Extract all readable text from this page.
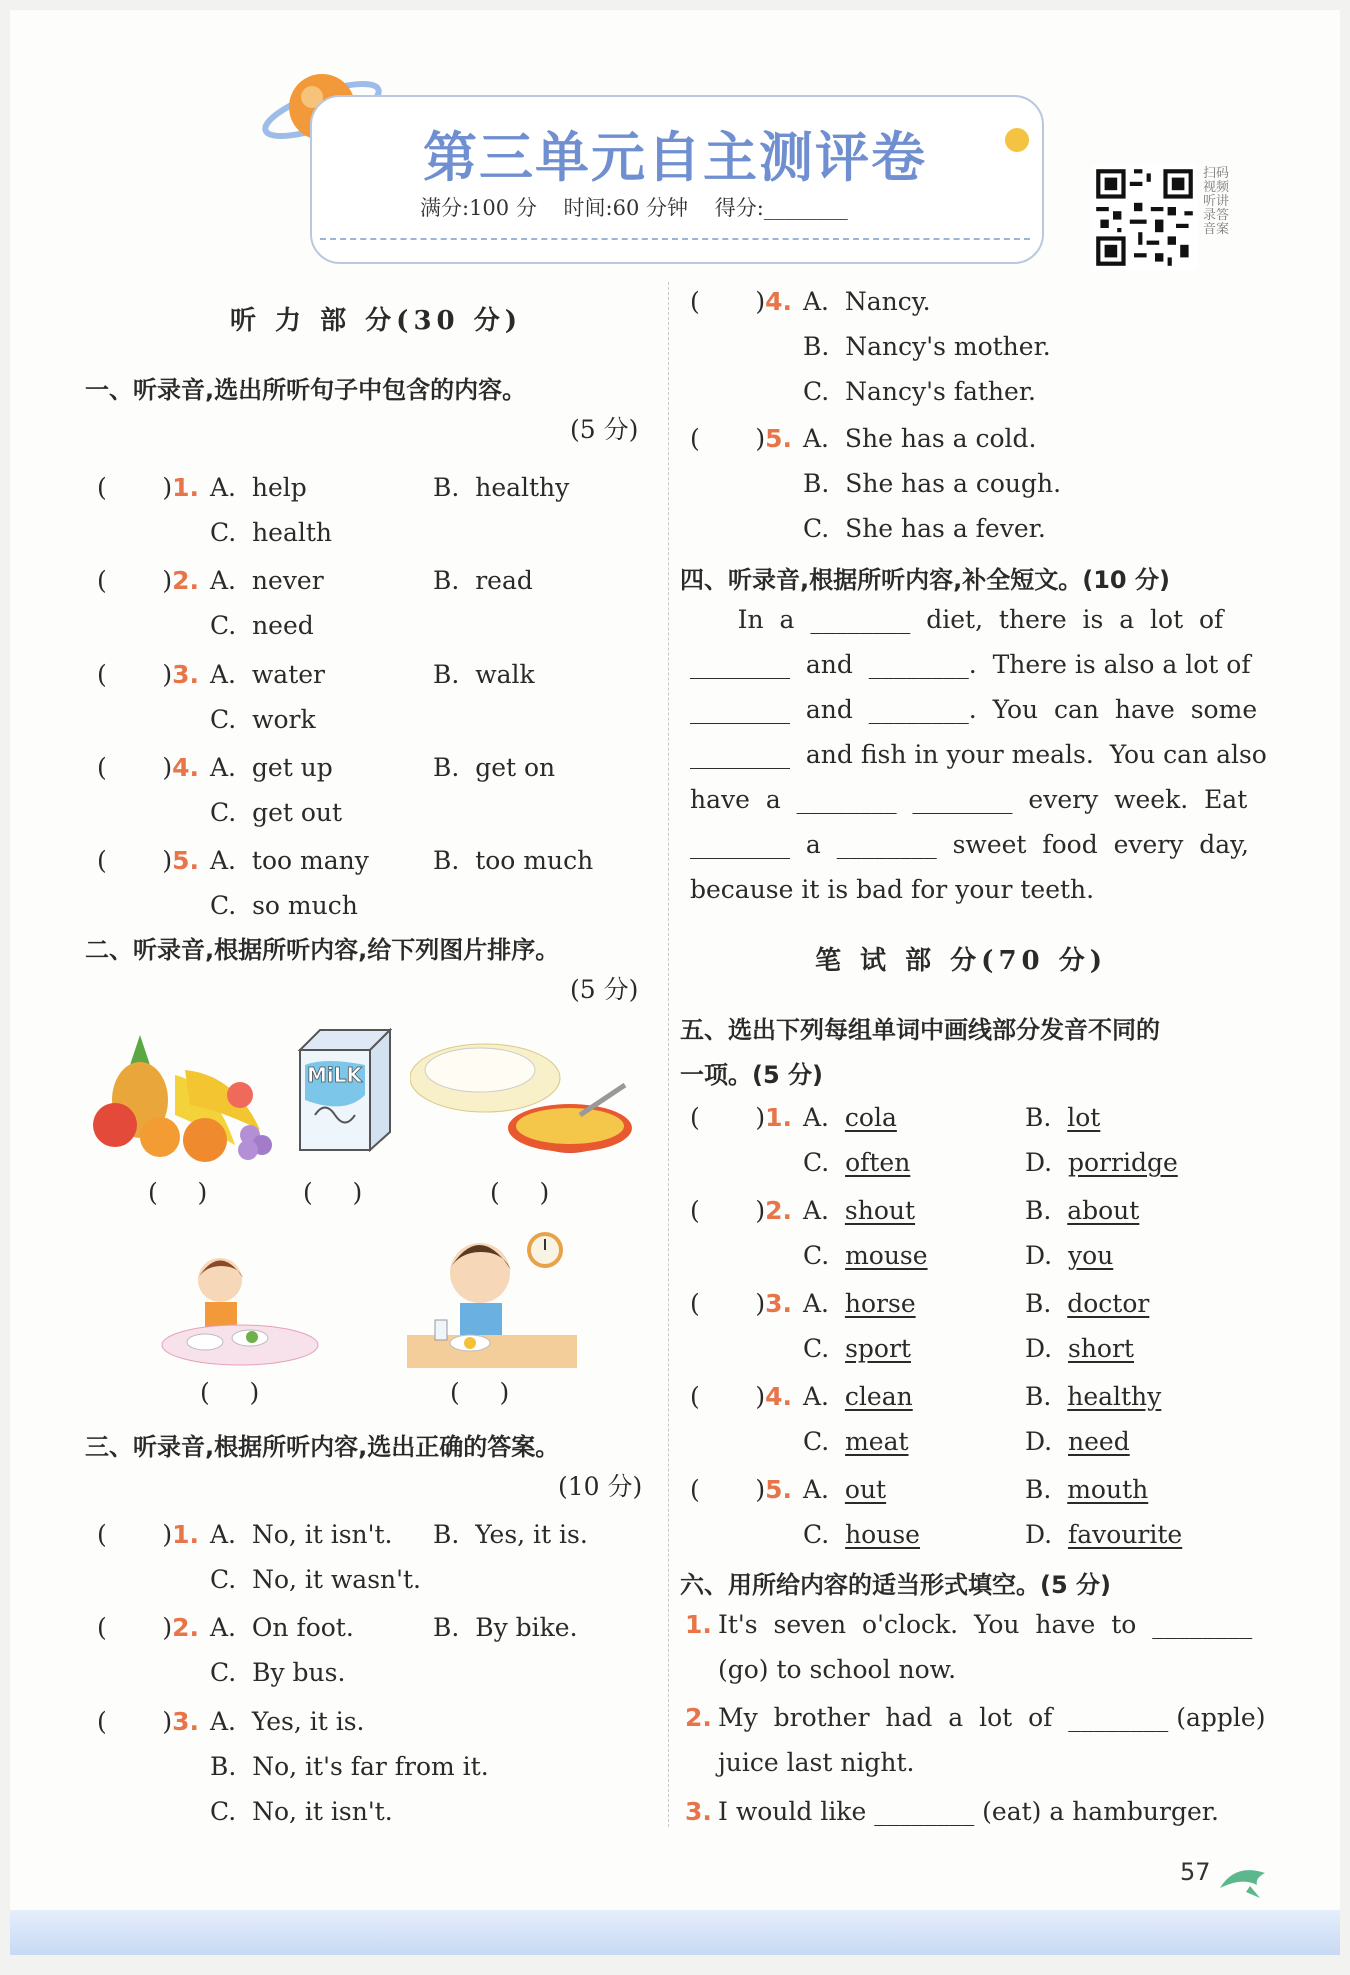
第三单元自主测评卷
满分:100 分    时间:60 分钟    得分:________
扫码视频听讲录答音案
听 力 部 分(30 分)
一、听录音,选出所听句子中包含的内容。
(5 分)
(       )1. A.  help	B.  healthy
C.  health
(       )2. A.  never	B.  read
C.  need
(       )3. A.  water	B.  walk
C.  work
(       )4. A.  get up	B.  get on
C.  get out
(       )5. A.  too many	B.  too much
C.  so much
二、听录音,根据所听内容,给下列图片排序。
(5 分)
MiLK
(     )	(     )	(     )
(     )	(     )
三、听录音,根据所听内容,选出正确的答案。
(10 分)
(       )1. A.  No, it isn't. B.  Yes, it is.
C.  No, it wasn't.
(       )2. A.  On foot.	B.  By bike.
C.  By bus.
(       )3. A.  Yes, it is.
B.  No, it's far from it.
C.  No, it isn't.
(       )4. A.  Nancy.
B.  Nancy's mother.
C.  Nancy's father.
(       )5. A.  She has a cold.
B.  She has a cough.
C.  She has a fever.
四、听录音,根据所听内容,补全短文。(10 分)
In  a  ________  diet,  there  is  a  lot  of
________  and  ________.  There is also a lot of
________  and  ________.  You  can  have  some
________  and fish in your meals.  You can also
have  a  ________  ________  every  week.  Eat
________  a  ________  sweet  food  every  day,
because it is bad for your teeth.
笔 试 部 分(70 分)
五、选出下列每组单词中画线部分发音不同的
一项。(5 分)
(       )1. A.  cola	B.  lot
C.  often	D.  porridge
(       )2. A.  shout	B.  about
C.  mouse	D.  you
(       )3. A.  horse	B.  doctor
C.  sport	D.  short
(       )4. A.  clean	B.  healthy
C.  meat	D.  need
(       )5. A.  out	B.  mouth
C.  house	D.  favourite
六、用所给内容的适当形式填空。(5 分)
1. It's  seven  o'clock.  You  have  to  ________
(go) to school now.
2. My  brother  had  a  lot  of  ________ (apple)
juice last night.
3. I would like ________ (eat) a hamburger.
57
